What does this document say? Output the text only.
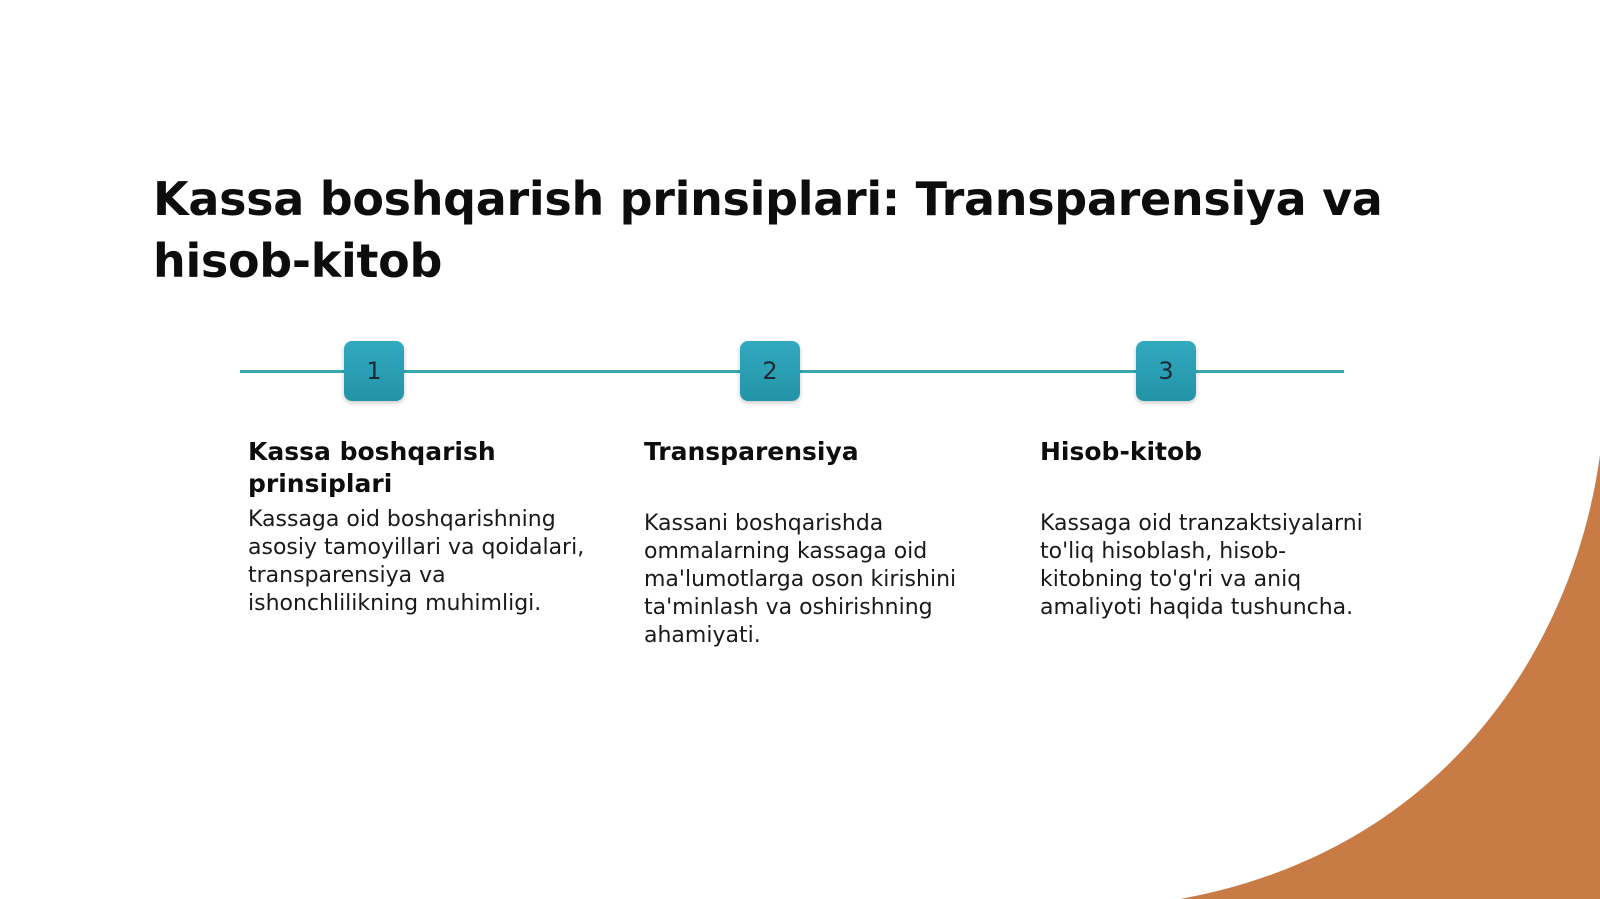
Kassa boshqarish prinsiplari: Transparensiya va hisob-kitob
1	2	3
Kassa boshqarish prinsiplari

Kassaga oid boshqarishning asosiy tamoyillari va qoidalari, transparensiya va ishonchlilikning muhimligi.

Transparensiya

Kassani boshqarishda ommalarning kassaga oid ma'lumotlarga oson kirishini ta'minlash va oshirishning ahamiyati.

Hisob-kitob

Kassaga oid tranzaktsiyalarni to'liq hisoblash, hisob-kitobning to'g'ri va aniq amaliyoti haqida tushuncha.
